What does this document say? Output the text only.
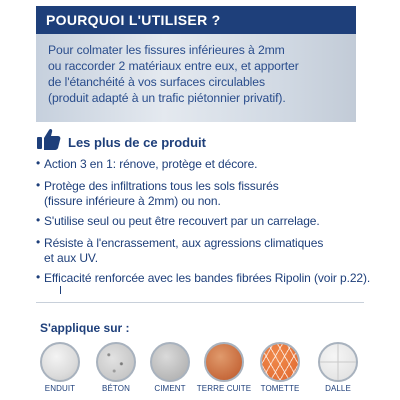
POURQUOI L'UTILISER ?
Pour colmater les fissures inférieures à 2mm
ou raccorder 2 matériaux entre eux, et apporter
de l'étanchéité à vos surfaces circulables
(produit adapté à un trafic piétonnier privatif).
Les plus de ce produit
• Action 3 en 1: rénove, protège et décore.
• Protège des infiltrations tous les sols fissurés
(fissure inférieure à 2mm) ou non.
• S'utilise seul ou peut être recouvert par un carrelage.
• Résiste à l'encrassement, aux agressions climatiques
et aux UV.
• Efficacité renforcée avec les bandes fibrées Ripolin (voir p.22).
S'applique sur :
ENDUIT	BÉTON	CIMENT	TERRE CUITE	TOMETTE	DALLE
